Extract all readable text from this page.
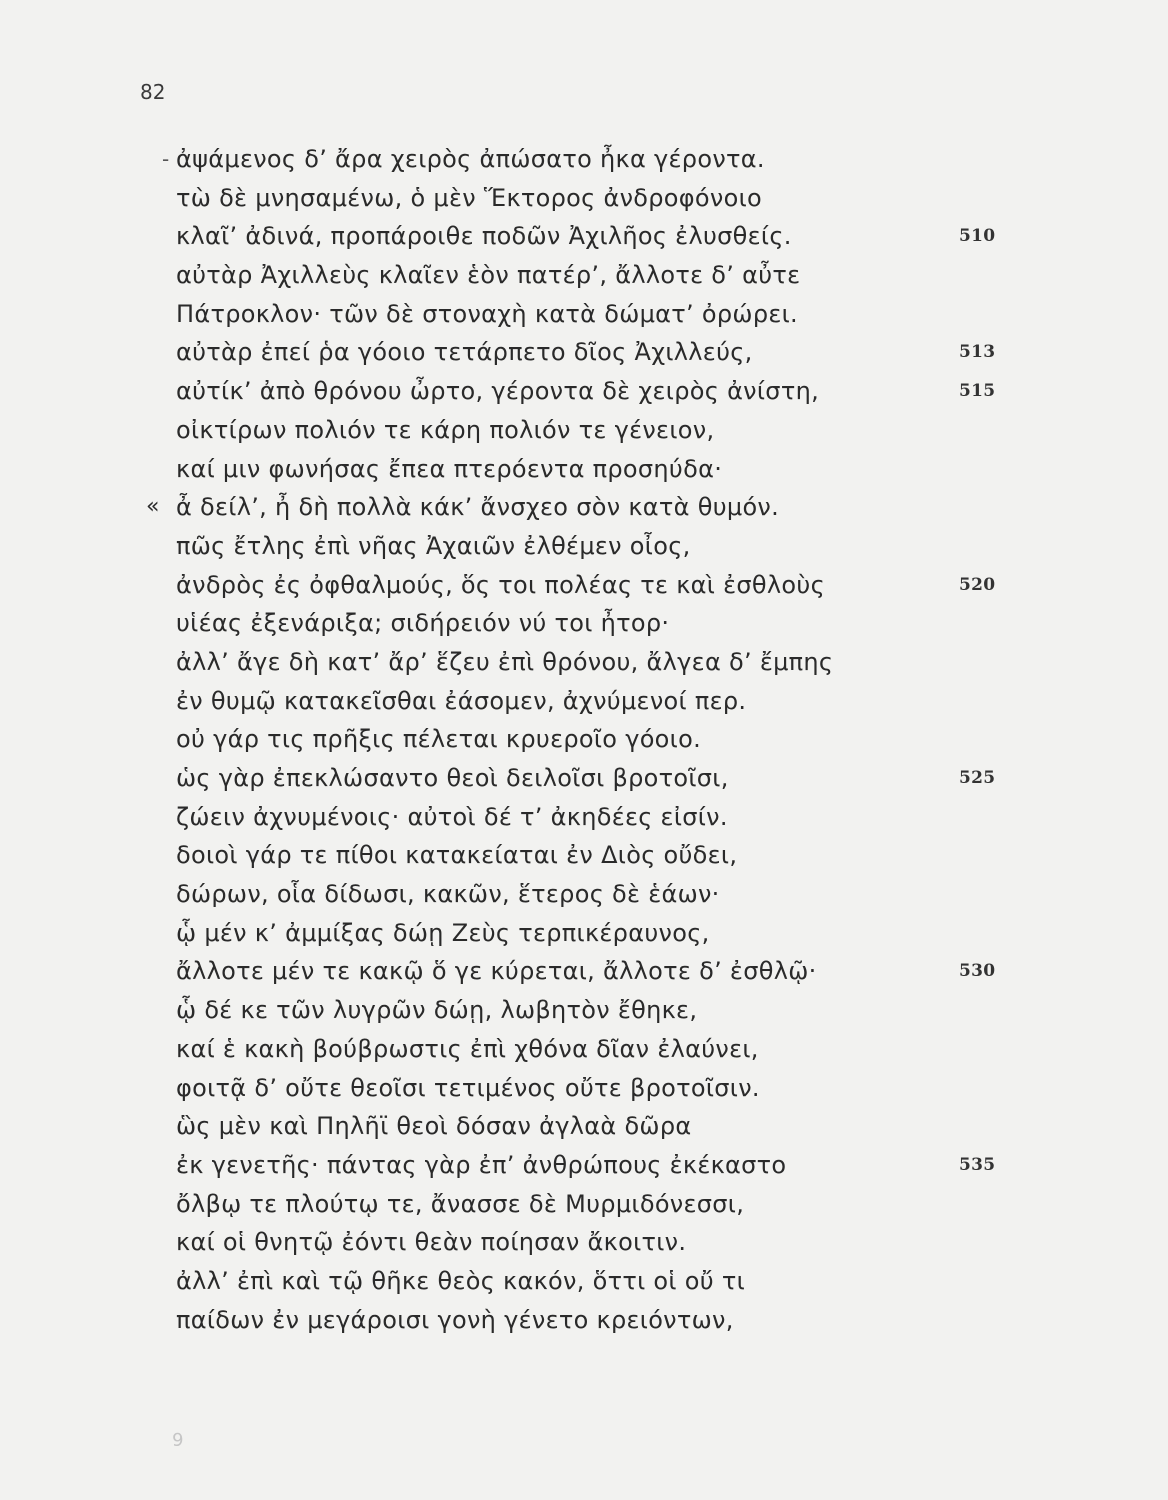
82
- ἀψάμενος δ’ ἄρα χειρὸς ἀπώσατο ἦκα γέροντα.
τὼ δὲ μνησαμένω, ὁ μὲν Ἕκτορος ἀνδροφόνοιο
κλαῖ’ ἀδινά, προπάροιθε ποδῶν Ἀχιλῆος ἐλυσθείς.	510
αὐτὰρ Ἀχιλλεὺς κλαῖεν ἑὸν πατέρ’, ἄλλοτε δ’ αὖτε
Πάτροκλον· τῶν δὲ στοναχὴ κατὰ δώματ’ ὀρώρει.
αὐτὰρ ἐπεί ῥα γόοιο τετάρπετο δῖος Ἀχιλλεύς,	513
αὐτίκ’ ἀπὸ θρόνου ὦρτο, γέροντα δὲ χειρὸς ἀνίστη,	515
οἰκτίρων πολιόν τε κάρη πολιόν τε γένειον,
καί μιν φωνήσας ἔπεα πτερόεντα προσηύδα·
« ἆ δείλ’, ἦ δὴ πολλὰ κάκ’ ἄνσχεο σὸν κατὰ θυμόν.
πῶς ἔτλης ἐπὶ νῆας Ἀχαιῶν ἐλθέμεν οἶος,
ἀνδρὸς ἐς ὀφθαλμούς, ὅς τοι πολέας τε καὶ ἐσθλοὺς	520
υἱέας ἐξενάριξα; σιδήρειόν νύ τοι ἦτορ·
ἀλλ’ ἄγε δὴ κατ’ ἄρ’ ἕζευ ἐπὶ θρόνου, ἄλγεα δ’ ἔμπης
ἐν θυμῷ κατακεῖσθαι ἐάσομεν, ἀχνύμενοί περ.
οὐ γάρ τις πρῆξις πέλεται κρυεροῖο γόοιο.
ὡς γὰρ ἐπεκλώσαντο θεοὶ δειλοῖσι βροτοῖσι,	525
ζώειν ἀχνυμένοις· αὐτοὶ δέ τ’ ἀκηδέες εἰσίν.
δοιοὶ γάρ τε πίθοι κατακείαται ἐν Διὸς οὔδει,
δώρων, οἷα δίδωσι, κακῶν, ἕτερος δὲ ἑάων·
ᾧ μέν κ’ ἀμμίξας δώῃ Ζεὺς τερπικέραυνος,
ἄλλοτε μέν τε κακῷ ὅ γε κύρεται, ἄλλοτε δ’ ἐσθλῷ·	530
ᾧ δέ κε τῶν λυγρῶν δώῃ, λωβητὸν ἔθηκε,
καί ἑ κακὴ βούβρωστις ἐπὶ χθόνα δῖαν ἐλαύνει,
φοιτᾷ δ’ οὔτε θεοῖσι τετιμένος οὔτε βροτοῖσιν.
ὣς μὲν καὶ Πηλῆϊ θεοὶ δόσαν ἀγλαὰ δῶρα
ἐκ γενετῆς· πάντας γὰρ ἐπ’ ἀνθρώπους ἐκέκαστο	535
ὄλβῳ τε πλούτῳ τε, ἄνασσε δὲ Μυρμιδόνεσσι,
καί οἱ θνητῷ ἐόντι θεὰν ποίησαν ἄκοιτιν.
ἀλλ’ ἐπὶ καὶ τῷ θῆκε θεὸς κακόν, ὅττι οἱ οὔ τι
παίδων ἐν μεγάροισι γονὴ γένετο κρειόντων,
6
